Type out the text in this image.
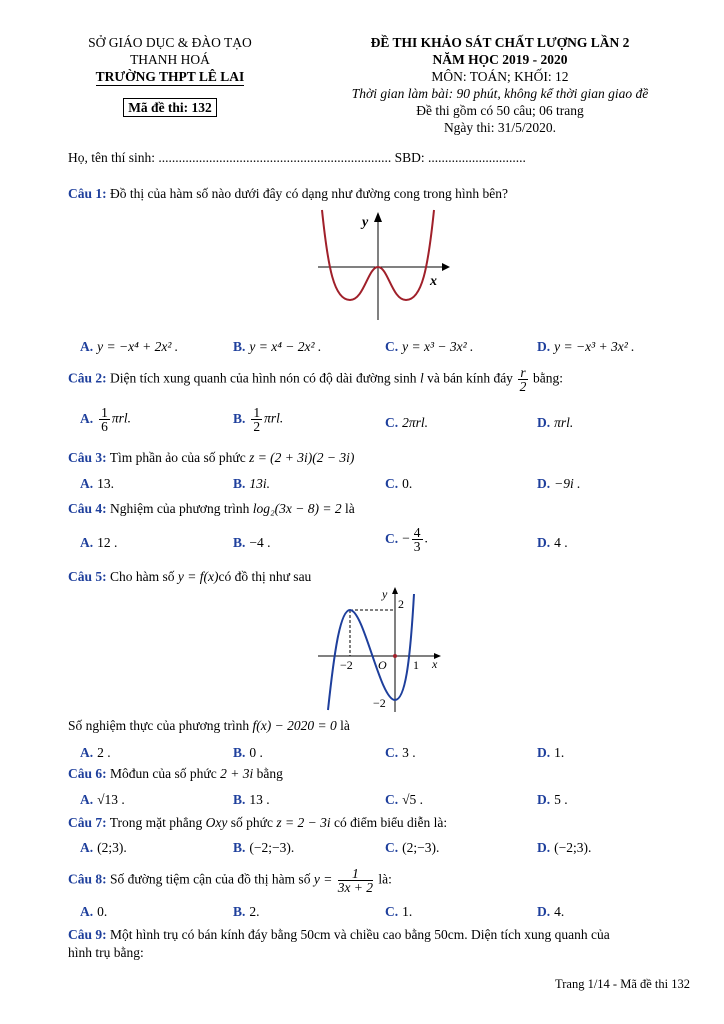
SỞ GIÁO DỤC & ĐÀO TẠO
THANH HOÁ
TRƯỜNG THPT LÊ LAI
Mã đề thi: 132
ĐỀ THI KHẢO SÁT CHẤT LƯỢNG LẦN 2
NĂM HỌC 2019 - 2020
MÔN: TOÁN; KHỐI: 12
Thời gian làm bài: 90 phút, không kể thời gian giao đề
Đề thi gồm có 50 câu; 06 trang
Ngày thi: 31/5/2020.
Họ, tên thí sinh: ..................................................................... SBD: .............................
Câu 1: Đồ thị của hàm số nào dưới đây có dạng như đường cong trong hình bên?
y
x
A. y = −x⁴ + 2x² .	B. y = x⁴ − 2x² .	C. y = x³ − 3x² .	D. y = −x³ + 3x² .
Câu 2: Diện tích xung quanh của hình nón có độ dài đường sinh l và bán kính đáy $\frac{r}{2}$ bằng:
A. $\frac{1}{6} \pi rl$.	B. $\frac{1}{2} \pi rl$.	C. 2πrl.	D. πrl.
Câu 3: Tìm phần ảo của số phức z = (2 + 3i)(2 − 3i)
A. 13.	B. 13i.	C. 0.	D. −9i .
Câu 4: Nghiệm của phương trình log₂(3x − 8) = 2 là
A. 12 .	B. −4 .	C. − $\frac{4}{3}$ .	D. 4 .
Câu 5: Cho hàm số y = f(x)có đồ thị như sau
y
x
2
−2
−2	1
O
Số nghiệm thực của phương trình f(x) − 2020 = 0 là
A. 2 .	B. 0 .	C. 3 .	D. 1.
Câu 6: Môđun của số phức 2 + 3i bằng
A. √13 .	B. 13 .	C. √5 .	D. 5 .
Câu 7: Trong mặt phẳng Oxy số phức z = 2 − 3i có điểm biểu diễn là:
A. (2;3).	B. (−2;−3).	C. (2;−3).	D. (−2;3).
Câu 8: Số đường tiệm cận của đồ thị hàm số $y = \frac{1}{3x + 2}$ là:
A. 0.	B. 2.	C. 1.	D. 4.
Câu 9: Một hình trụ có bán kính đáy bằng 50cm và chiều cao bằng 50cm. Diện tích xung quanh của
hình trụ bằng:
Trang 1/14 - Mã đề thi 132
